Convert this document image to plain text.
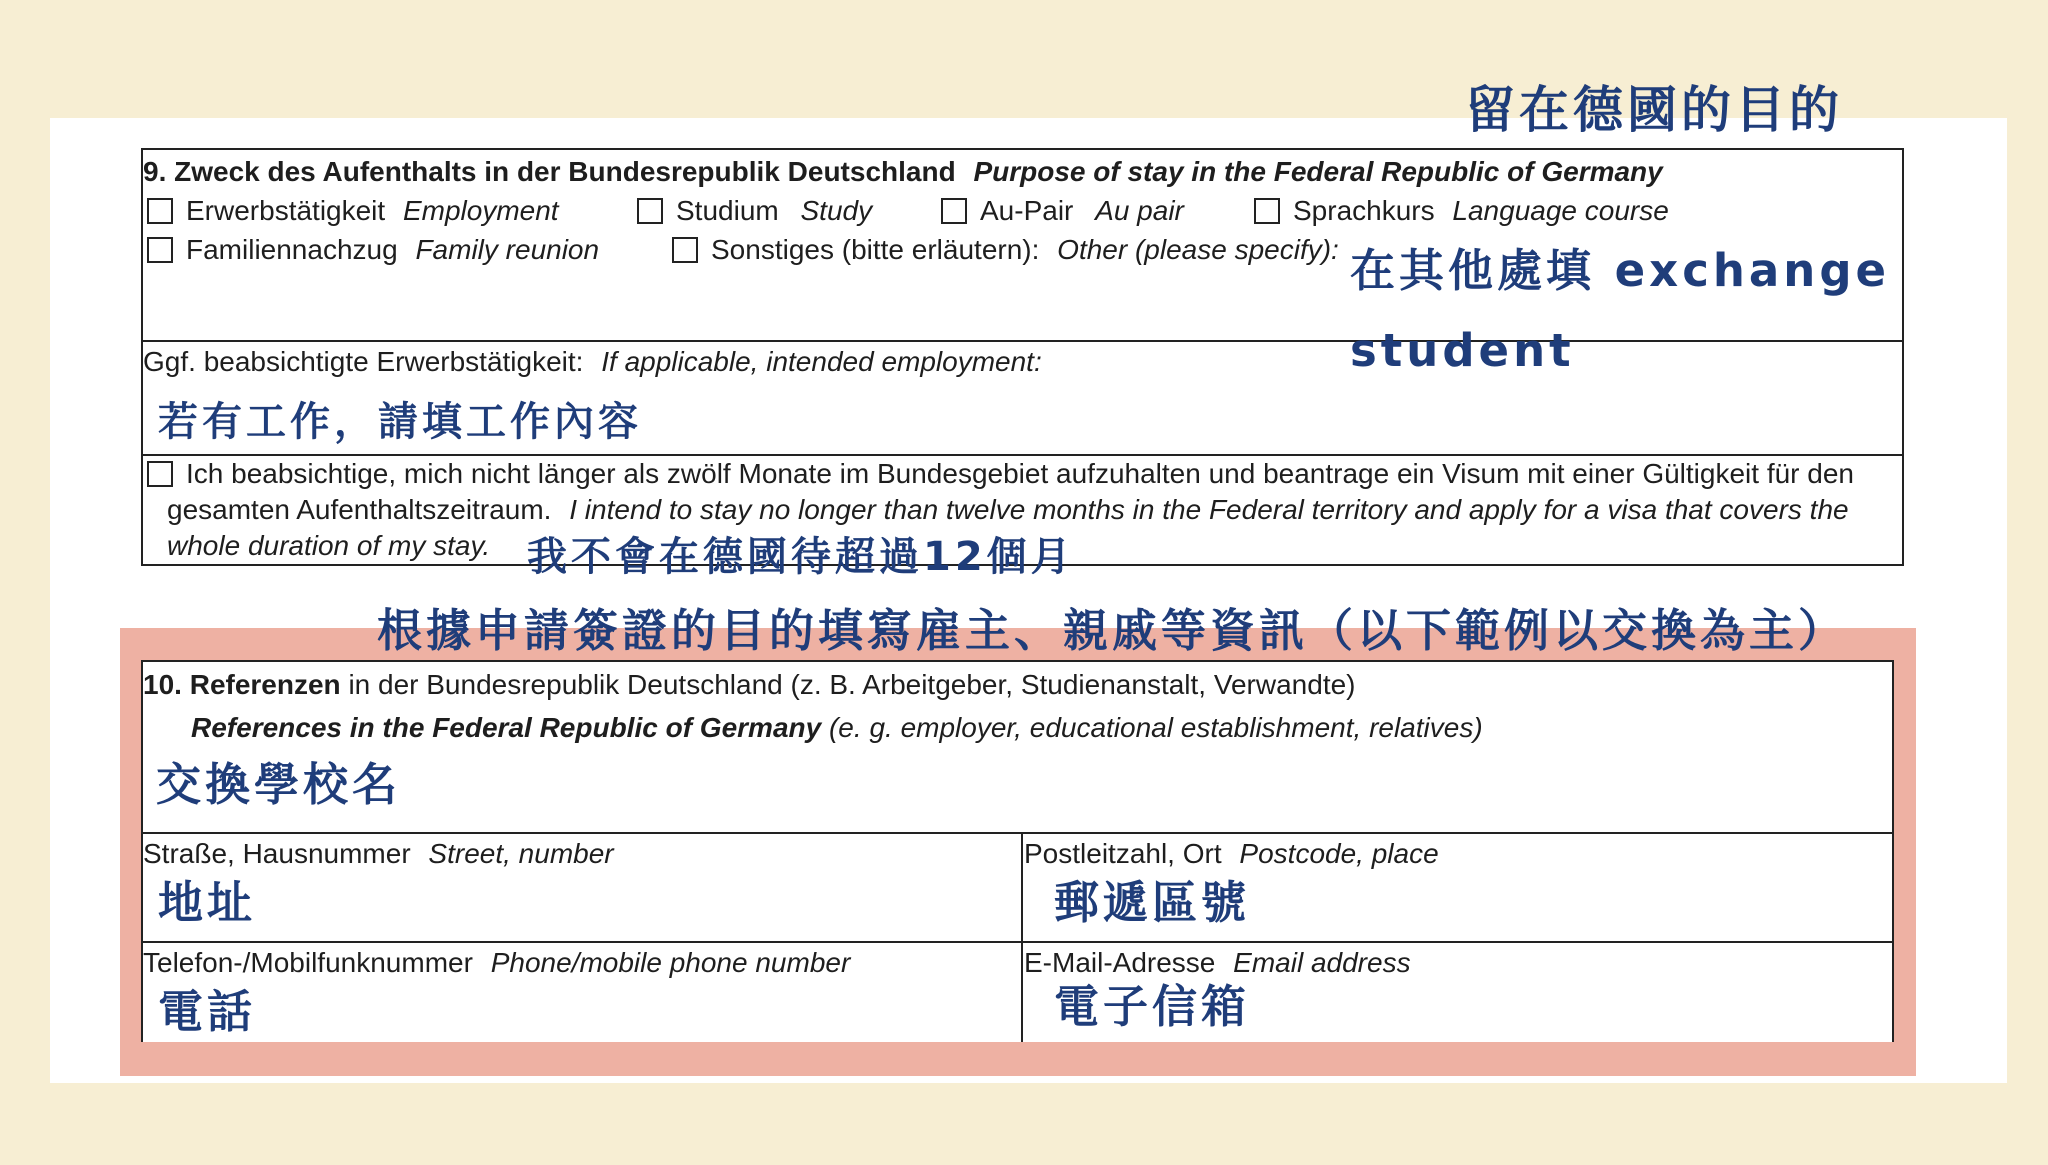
留在德國的目的
9. Zweck des Aufenthalts in der Bundesrepublik Deutschland Purpose of stay in the Federal Republic of Germany
Erwerbstätigkeit Employment	Studium Study	Au-Pair Au pair	Sprachkurs Language course
Familiennachzug Family reunion	Sonstiges (bitte erläutern): Other (please specify): 在其他處填 exchange
student
Ggf. beabsichtigte Erwerbstätigkeit: If applicable, intended employment:
若有工作，請填工作內容
Ich beabsichtige, mich nicht länger als zwölf Monate im Bundesgebiet aufzuhalten und beantrage ein Visum mit einer Gültigkeit für den
gesamten Aufenthaltszeitraum. I intend to stay no longer than twelve months in the Federal territory and apply for a visa that covers the
whole duration of my stay. 我不會在德國待超過12個月
根據申請簽證的目的填寫雇主、親戚等資訊（以下範例以交換為主）
10. Referenzen in der Bundesrepublik Deutschland (z. B. Arbeitgeber, Studienanstalt, Verwandte)
References in the Federal Republic of Germany (e. g. employer, educational establishment, relatives)
交換學校名
Straße, Hausnummer Street, number
地址
Postleitzahl, Ort Postcode, place
郵遞區號
Telefon-/Mobilfunknummer Phone/mobile phone number
電話
E-Mail-Adresse Email address
電子信箱
